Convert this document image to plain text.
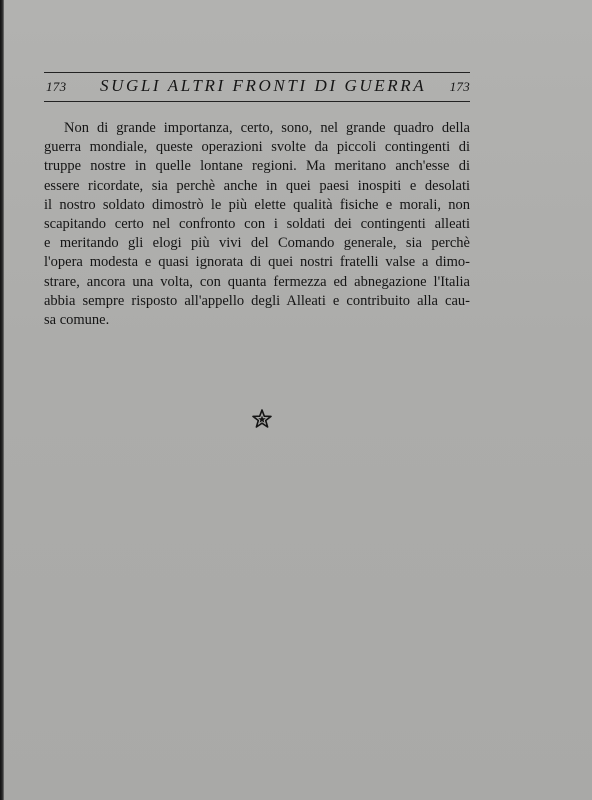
173 SUGLI ALTRI FRONTI DI GUERRA 173
Non di grande importanza, certo, sono, nel grande quadro della
guerra mondiale, queste operazioni svolte da piccoli contingenti di
truppe nostre in quelle lontane regioni. Ma meritano anch'esse di
essere ricordate, sia perchè anche in quei paesi inospiti e desolati
il nostro soldato dimostrò le più elette qualità fisiche e morali, non
scapitando certo nel confronto con i soldati dei contingenti alleati
e meritando gli elogi più vivi del Comando generale, sia perchè
l'opera modesta e quasi ignorata di quei nostri fratelli valse a dimo-
strare, ancora una volta, con quanta fermezza ed abnegazione l'Italia
abbia sempre risposto all'appello degli Alleati e contribuito alla cau-
sa comune.
